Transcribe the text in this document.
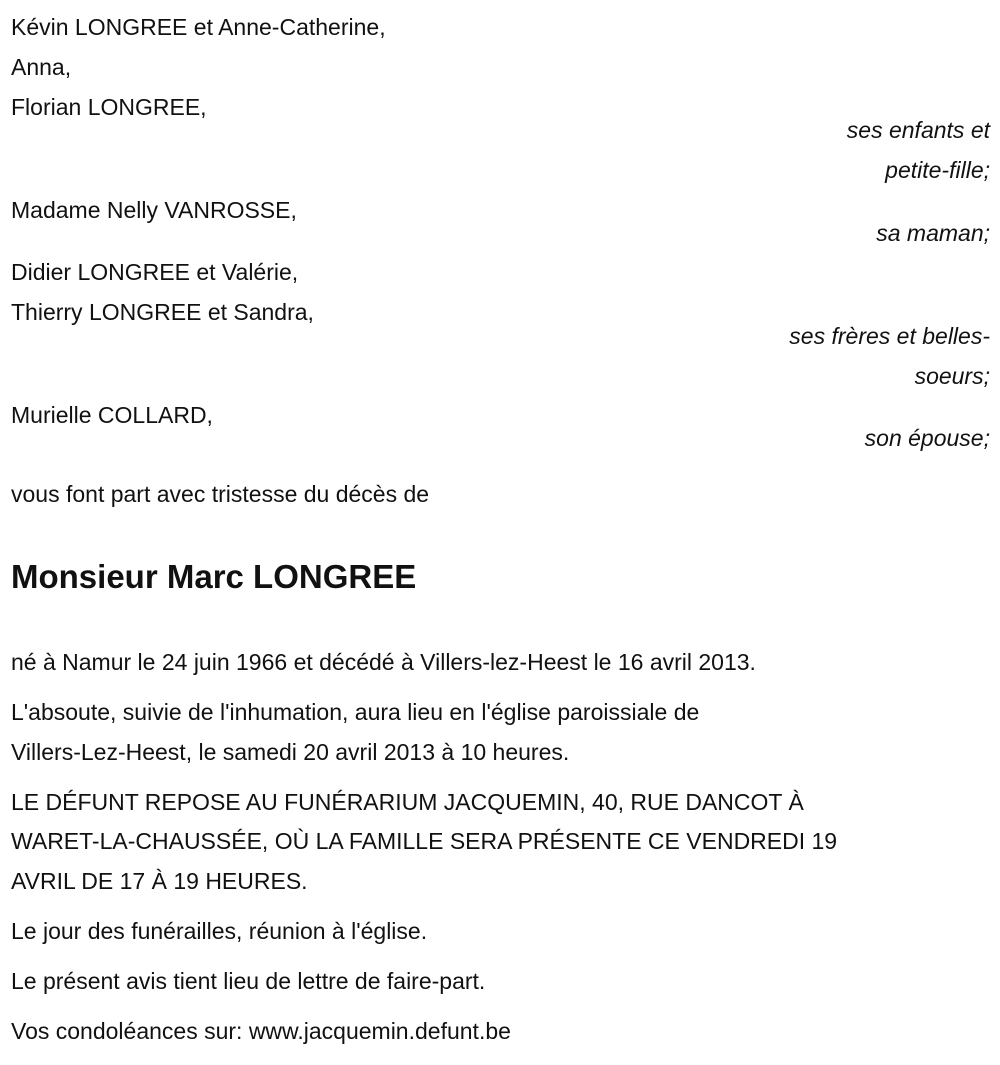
Kévin LONGREE et Anne-Catherine,
Anna,
Florian LONGREE,
ses enfants et
petite-fille;
Madame Nelly VANROSSE,
sa maman;
Didier LONGREE et Valérie,
Thierry LONGREE et Sandra,
ses frères et belles-
soeurs;
Murielle COLLARD,
son épouse;
vous font part avec tristesse du décès de
Monsieur Marc LONGREE
né à Namur le 24 juin 1966 et décédé à Villers-lez-Heest le 16 avril 2013.
L'absoute, suivie de l'inhumation, aura lieu en l'église paroissiale de
Villers-Lez-Heest, le samedi 20 avril 2013 à 10 heures.
LE DÉFUNT REPOSE AU FUNÉRARIUM JACQUEMIN, 40, RUE DANCOT À
WARET-LA-CHAUSSÉE, OÙ LA FAMILLE SERA PRÉSENTE CE VENDREDI 19
AVRIL DE 17 À 19 HEURES.
Le jour des funérailles, réunion à l'église.
Le présent avis tient lieu de lettre de faire-part.
Vos condoléances sur: www.jacquemin.defunt.be
